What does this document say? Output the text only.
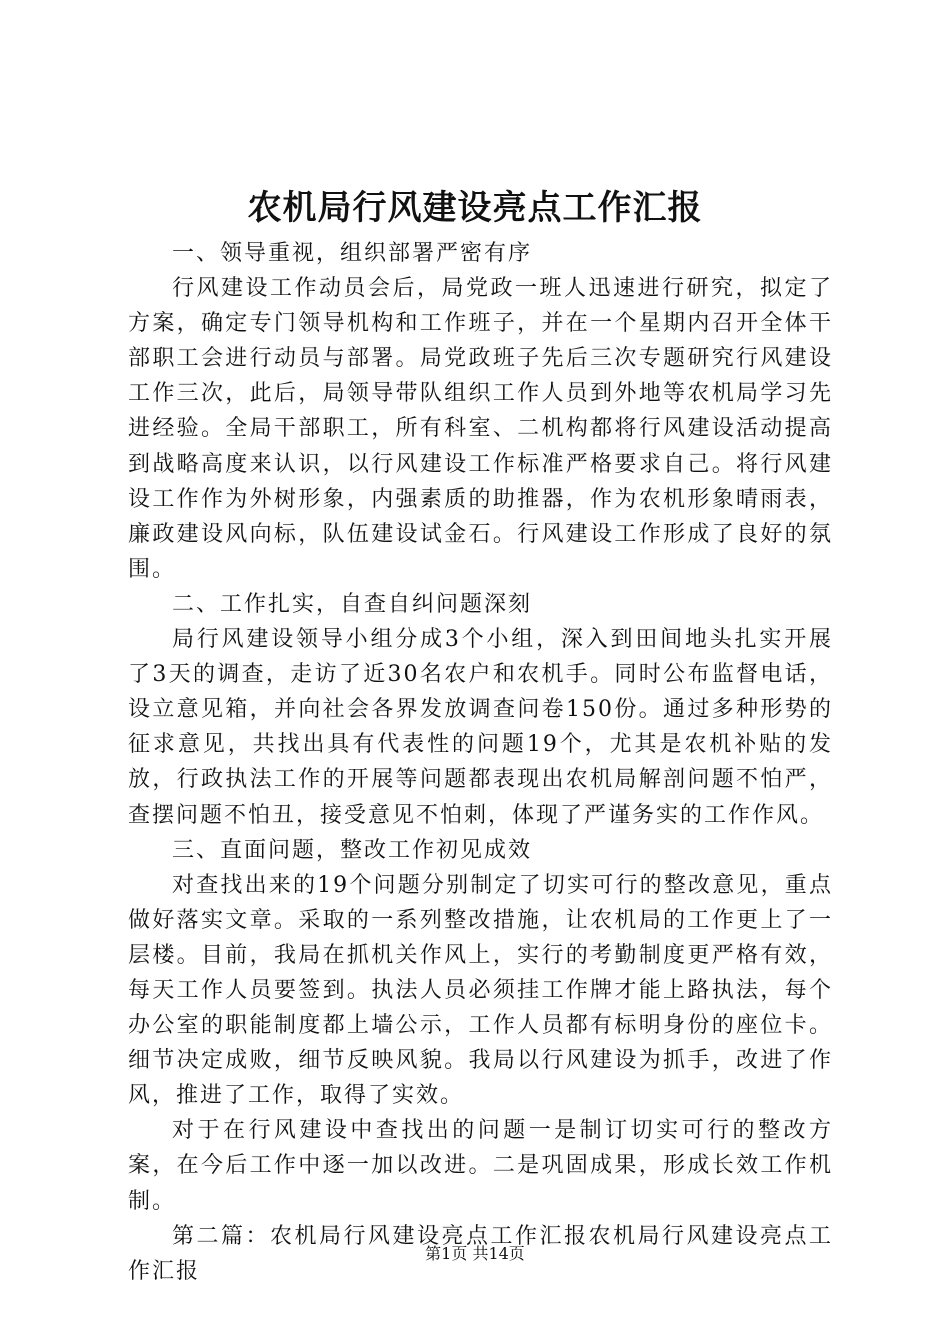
农机局行风建设亮点工作汇报

一、领导重视，组织部署严密有序

行风建设工作动员会后，局党政一班人迅速进行研究，拟定了方案，确定专门领导机构和工作班子，并在一个星期内召开全体干部职工会进行动员与部署。局党政班子先后三次专题研究行风建设工作三次，此后，局领导带队组织工作人员到外地等农机局学习先进经验。全局干部职工，所有科室、二机构都将行风建设活动提高到战略高度来认识，以行风建设工作标准严格要求自己。将行风建设工作作为外树形象，内强素质的助推器，作为农机形象晴雨表，廉政建设风向标，队伍建设试金石。行风建设工作形成了良好的氛围。

二、工作扎实，自查自纠问题深刻

局行风建设领导小组分成3个小组，深入到田间地头扎实开展了3天的调查，走访了近30名农户和农机手。同时公布监督电话，设立意见箱，并向社会各界发放调查问卷150份。通过多种形势的征求意见，共找出具有代表性的问题19个，尤其是农机补贴的发放，行政执法工作的开展等问题都表现出农机局解剖问题不怕严，查摆问题不怕丑，接受意见不怕刺，体现了严谨务实的工作作风。

三、直面问题，整改工作初见成效

对查找出来的19个问题分别制定了切实可行的整改意见，重点做好落实文章。采取的一系列整改措施，让农机局的工作更上了一层楼。目前，我局在抓机关作风上，实行的考勤制度更严格有效，每天工作人员要签到。执法人员必须挂工作牌才能上路执法，每个办公室的职能制度都上墙公示，工作人员都有标明身份的座位卡。细节决定成败，细节反映风貌。我局以行风建设为抓手，改进了作风，推进了工作，取得了实效。

对于在行风建设中查找出的问题一是制订切实可行的整改方案，在今后工作中逐一加以改进。二是巩固成果，形成长效工作机制。

第二篇：农机局行风建设亮点工作汇报农机局行风建设亮点工作汇报

第1页 共14页
